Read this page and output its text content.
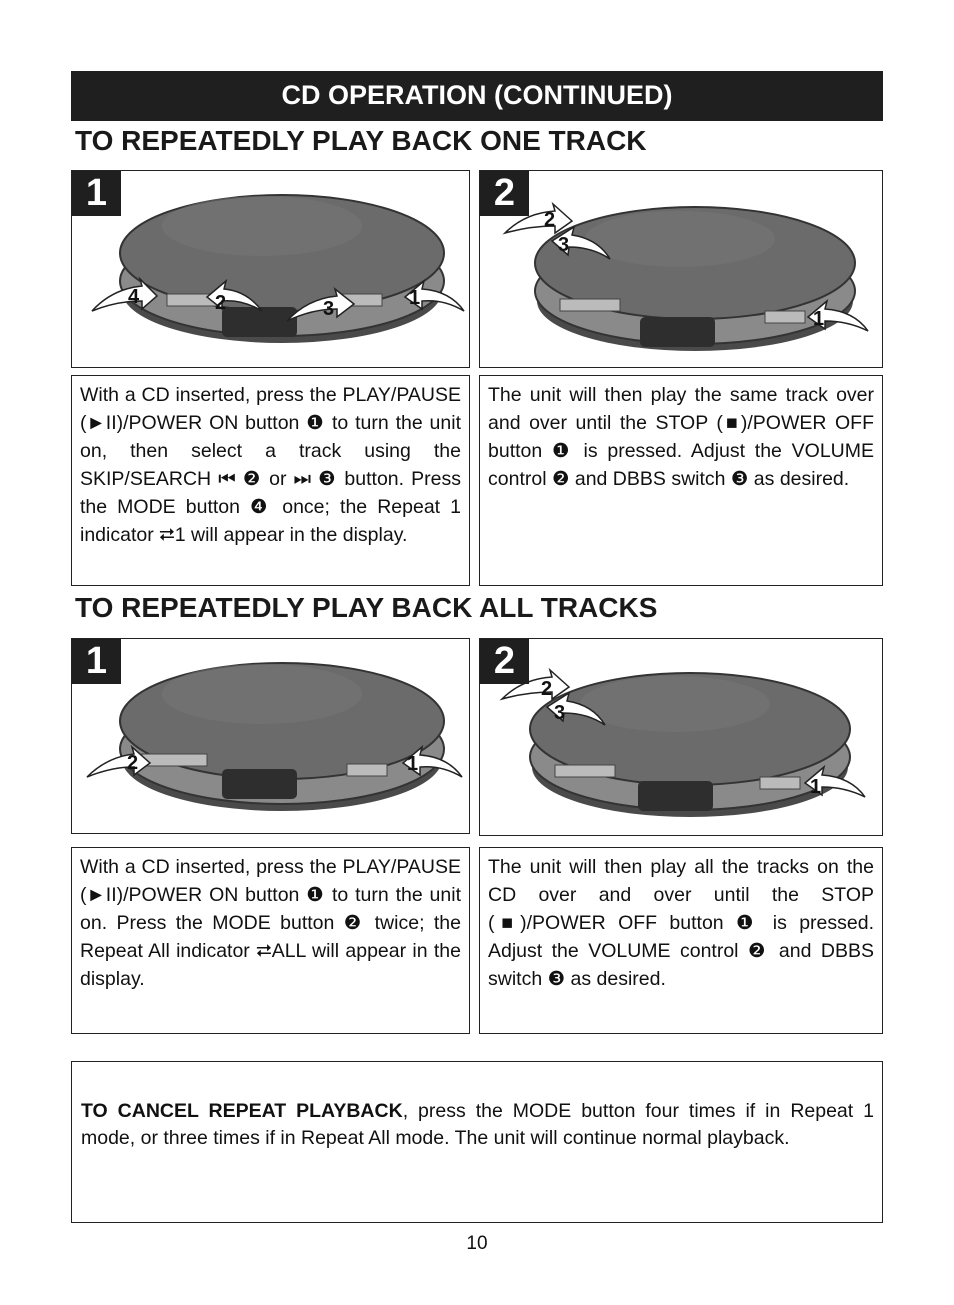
CD OPERATION (CONTINUED)
TO REPEATEDLY PLAY BACK ONE TRACK
1
4	2	3	1
2
2
3
1
With a CD inserted, press the PLAY/PAUSE (►II)/POWER ON button ❶ to turn the unit on, then select a track using the SKIP/SEARCH ⏮ ❷ or ⏭ ❸ button. Press the MODE button ❹ once; the Repeat 1 indicator ⮂1 will appear in the display.
The unit will then play the same track over and over until the STOP (■)/POWER OFF button ❶ is pressed. Adjust the VOLUME control ❷ and DBBS switch ❸ as desired.
TO REPEATEDLY PLAY BACK ALL TRACKS
1
2	1
2
2
3
1
With a CD inserted, press the PLAY/PAUSE (►II)/POWER ON button ❶ to turn the unit on. Press the MODE button ❷ twice; the Repeat All indicator ⮂ALL will appear in the display.
The unit will then play all the tracks on the CD over and over until the STOP (■)/POWER OFF button ❶ is pressed. Adjust the VOLUME control ❷ and DBBS switch ❸ as desired.
TO CANCEL REPEAT PLAYBACK, press the MODE button four times if in Repeat 1 mode, or three times if in Repeat All mode. The unit will continue normal playback.
10
